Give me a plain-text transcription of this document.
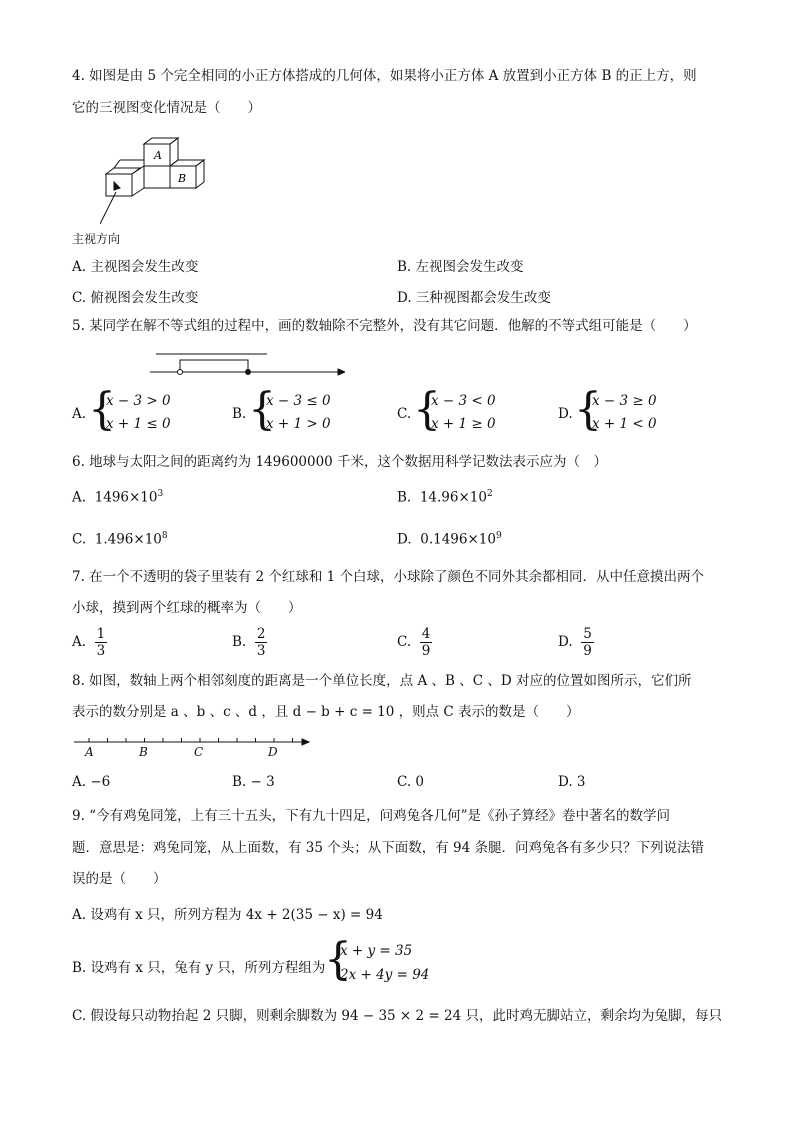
4. 如图是由 5 个完全相同的小正方体搭成的几何体，如果将小正方体 A 放置到小正方体 B 的正上方，则
它的三视图变化情况是（　　）
A
B
主视方向
A. 主视图会发生改变	B. 左视图会发生改变
C. 俯视图会发生改变	D. 三种视图都会发生改变
5. 某同学在解不等式组的过程中，画的数轴除不完整外，没有其它问题．他解的不等式组可能是（　　）
A. {
x − 3 > 0
x + 1 ≤ 0
B. {
x − 3 ≤ 0
x + 1 > 0
C. {
x − 3 < 0
x + 1 ≥ 0
D. {
x − 3 ≥ 0
x + 1 < 0
6. 地球与太阳之间的距离约为 149600000 千米，这个数据用科学记数法表示应为（　）
A. $1496\times 10^3$	B. $14.96\times 10^2$
C. $1.496\times 10^8$	D. $0.1496\times 10^9$
7. 在一个不透明的袋子里装有 2 个红球和 1 个白球，小球除了颜色不同外其余都相同．从中任意摸出两个
小球，摸到两个红球的概率为（　　）
A. $\frac{1}{3}$	B. $\frac{2}{3}$	C. $\frac{4}{9}$	D. $\frac{5}{9}$
8. 如图，数轴上两个相邻刻度的距离是一个单位长度，点 A 、B 、C 、D 对应的位置如图所示，它们所
表示的数分别是 a 、b 、c 、d ，且 d − b + c = 10 ，则点 C 表示的数是（　　）
A	B	C	D
A. −6	B. − 3	C. 0	D. 3
9. “今有鸡兔同笼，上有三十五头，下有九十四足，问鸡兔各几何”是《孙子算经》卷中著名的数学问
题．意思是：鸡兔同笼，从上面数，有 35 个头；从下面数，有 94 条腿．问鸡兔各有多少只？下列说法错
误的是（　　）
A. 设鸡有 x 只，所列方程为 4x + 2(35 − x) = 94
B. 设鸡有 x 只，兔有 y 只，所列方程组为
{
x + y = 35
2x + 4y = 94
C. 假设每只动物抬起 2 只脚，则剩余脚数为 94 − 35 × 2 = 24 只，此时鸡无脚站立，剩余均为兔脚，每只
